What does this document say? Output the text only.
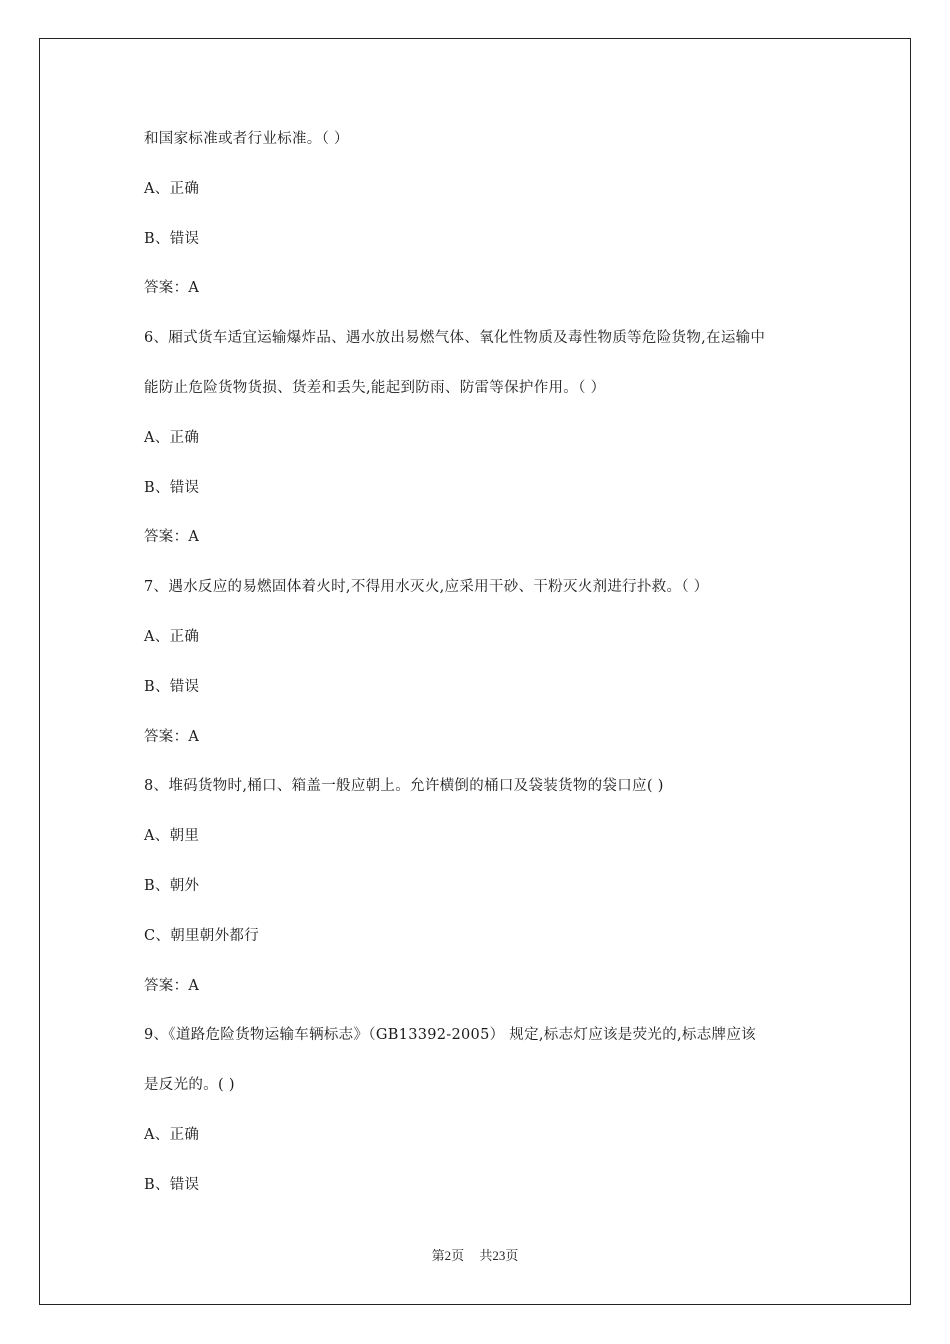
和国家标准或者行业标准。（ ）
A、正确
B、错误
答案：A
6、厢式货车适宜运输爆炸品、遇水放出易燃气体、氧化性物质及毒性物质等危险货物,在运输中
能防止危险货物货损、货差和丢失,能起到防雨、防雷等保护作用。（ ）
A、正确
B、错误
答案：A
7、遇水反应的易燃固体着火时,不得用水灭火,应采用干砂、干粉灭火剂进行扑救。（ ）
A、正确
B、错误
答案：A
8、堆码货物时,桶口、箱盖一般应朝上。允许横倒的桶口及袋装货物的袋口应( )
A、朝里
B、朝外
C、朝里朝外都行
答案：A
9、《道路危险货物运输车辆标志》（GB13392-2005） 规定,标志灯应该是荧光的,标志牌应该
是反光的。( )
A、正确
B、错误
第2页 共23页
